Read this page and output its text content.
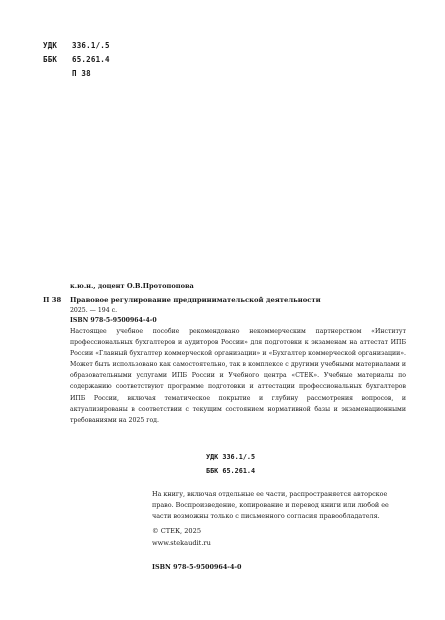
УДК 336.1/.5
ББК 65.261.4
П 38
к.ю.н., доцент О.В.Протопопова
П 38 Правовое регулирование предпринимательской деятельности
2025. — 194 с.
ISBN 978-5-9500964-4-0
Настоящее учебное пособие рекомендовано некоммерческим партнерством «Институт профессиональных бухгалтеров и аудиторов России» для подготовки к экзаменам на аттестат ИПБ России «Главный бухгалтер коммерческой организации» и «Бухгалтер коммерческой организации». Может быть использовано как самостоятельно, так в комплексе с другими учебными материалами и образовательными услугами ИПБ России и Учебного центра «СТЕК». Учебные материалы по содержанию соответствуют программе подготовки и аттестации профессиональных бухгалтеров ИПБ России, включая тематическое покрытие и глубину рассмотрения вопросов, и актуализированы в соответствии с текущим состоянием нормативной базы и экзаменационными требованиями на 2025 год.
УДК 336.1/.5
ББК 65.261.4
На книгу, включая отдельные ее части, распространяется авторское право. Воспроизведение, копирование и перевод книги или любой ее части возможны только с письменного согласия правообладателя.
© СТЕК, 2025
www.stekaudit.ru
ISBN 978-5-9500964-4-0
